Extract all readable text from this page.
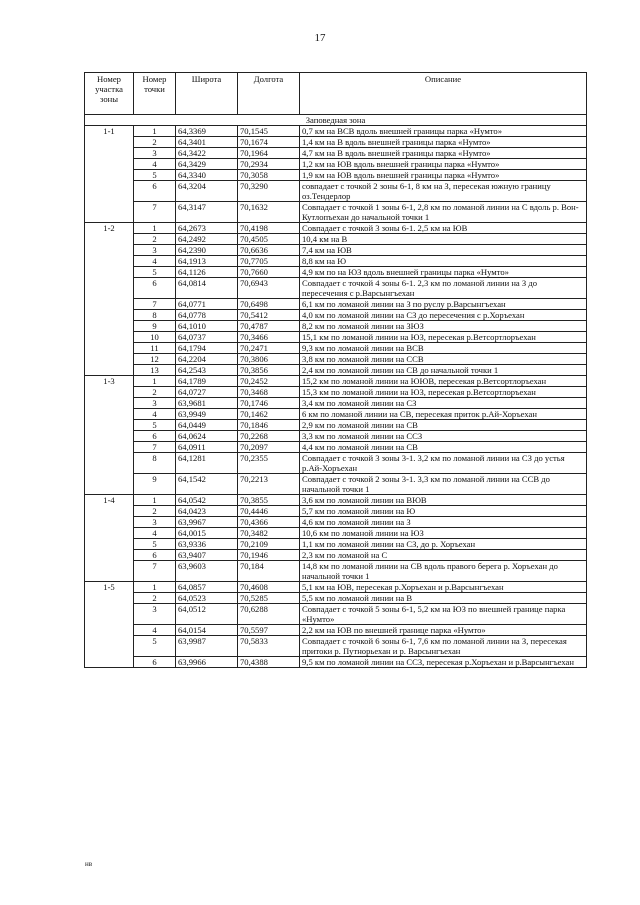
17
Номер участка зоны	Номер точки	Широта	Долгота	Описание
Заповедная зона				
1-1	1	64,3369	70,1545	0,7 км на ВСВ вдоль внешней границы парка «Нумто»
	2	64,3401	70,1674	1,4 км на В вдоль внешней границы парка «Нумто»
	3	64,3422	70,1964	4,7 км на В вдоль внешней границы парка «Нумто»
	4	64,3429	70,2934	1,2 км на ЮВ вдоль внешней границы парка «Нумто»
	5	64,3340	70,3058	1,9 км на ЮВ вдоль внешней границы парка «Нумто»
	6	64,3204	70,3290	совпадает с точкой 2 зоны 6-1, 8 км на З, пересекая южную границу оз.Тендерлор
	7	64,3147	70,1632	Совпадает с точкой 1 зоны 6-1, 2,8 км по ломаной линии на С вдоль р. Вон-Кутлопъехан до начальной точки 1
1-2	1	64,2673	70,4198	Совпадает с точкой 3 зоны 6-1. 2,5 км на ЮВ
	2	64,2492	70,4505	10,4 км на В
	3	64,2390	70,6636	7,4 км на ЮВ
	4	64,1913	70,7705	8,8 км на Ю
	5	64,1126	70,7660	4,9 км по на ЮЗ вдоль внешней границы парка «Нумто»
	6	64,0814	70,6943	Совпадает с точкой 4 зоны 6-1. 2,3 км по ломаной линии на З до пересечения с р.Варсынгъехан
	7	64,0771	70,6498	6,1 км по ломаной линии на З по руслу р.Варсынгъехан
	8	64,0778	70,5412	4,0 км по ломаной линии на СЗ до пересечения с р.Хоръехан
	9	64,1010	70,4787	8,2 км по ломаной линии на ЗЮЗ
	10	64,0737	70,3466	15,1 км по ломаной линии на ЮЗ, пересекая р.Ветсортлоръехан
	11	64,1794	70,2471	9,3 км по ломаной линии на ВСВ
	12	64,2204	70,3806	3,8 км по ломаной линии на ССВ
	13	64,2543	70,3856	2,4 км по ломаной линии на СВ до начальной точки 1
1-3	1	64,1789	70,2452	15,2 км по ломаной линии на ЮЮВ, пересекая р.Ветсортлоръехан
	2	64,0727	70,3468	15,3 км по ломаной линии на ЮЗ, пересекая р.Ветсортлоръехан
	3	63,9681	70,1746	3,4 км по ломаной линии на СЗ
	4	63,9949	70,1462	6 км по ломаной линии на СВ, пересекая приток р.Ай-Хоръехан
	5	64,0449	70,1846	2,9 км по ломаной линии на СВ
	6	64,0624	70,2268	3,3 км по ломаной линии на ССЗ
	7	64,0911	70,2097	4,4 км по ломаной линии на СВ
	8	64,1281	70,2355	Совпадает с точкой 3 зоны 3-1. 3,2 км по ломаной линии на СЗ до устья р.Ай-Хоръехан
	9	64,1542	70,2213	Совпадает с точкой 2 зоны 3-1. 3,3 км по ломаной линии на ССВ до начальной точки 1
1-4	1	64,0542	70,3855	3,6 км по ломаной линии на ВЮВ
	2	64,0423	70,4446	5,7 км по ломаной линии на Ю
	3	63,9967	70,4366	4,6 км по ломаной линии на З
	4	64,0015	70,3482	10,6 км по ломаной линии на ЮЗ
	5	63,9336	70,2109	1,1 км по ломаной линии на СЗ, до р. Хоръехан
	6	63,9407	70,1946	2,3 км по ломаной на С
	7	63,9603	70,184	14,8 км по ломаной линии на СВ вдоль правого берега р. Хоръехан до начальной точки 1
1-5	1	64,0857	70,4608	5,1 км на ЮВ, пересекая р.Хоръехан и р.Варсынгъехан
	2	64,0523	70,5285	5,5 км по ломаной линии на В
	3	64,0512	70,6288	Совпадает с точкой 5 зоны 6-1, 5,2 км на ЮЗ по внешней границе парка «Нумто»
	4	64,0154	70,5597	2,2 км на ЮВ по внешней границе парка «Нумто»
	5	63,9987	70,5833	Совпадает с точкой 6 зоны 6-1, 7,6 км по ломаной линии на З, пересекая притоки р. Путнорьехан и р. Варсынгъехан
	6	63,9966	70,4388	9,5 км по ломаной линии на ССЗ, пересекая р.Хоръехан и р.Варсынгъехан
нв
